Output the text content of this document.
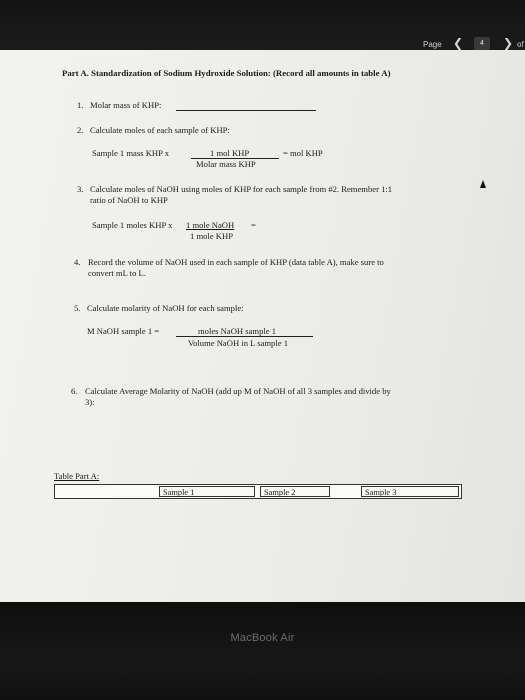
Page ❮	4	❯ of
Part A. Standardization of Sodium Hydroxide Solution: (Record all amounts in table A)
1. Molar mass of KHP:
2. Calculate moles of each sample of KHP:
Sample 1 mass KHP x	1 mol KHP	= mol KHP
Molar mass KHP
3. Calculate moles of NaOH using moles of KHP for each sample from #2. Remember 1:1
ratio of NaOH to KHP
Sample 1 moles KHP x 1 mole NaOH =
1 mole KHP
4. Record the volume of NaOH used in each sample of KHP (data table A), make sure to
convert mL to L.
5. Calculate molarity of NaOH for each sample:
M NaOH sample 1 =	moles NaOH sample 1
Volume NaOH in L sample 1
6. Calculate Average Molarity of NaOH (add up M of NaOH of all 3 samples and divide by
3):
Table Part A:
Sample 1	Sample 2	Sample 3
MacBook Air
